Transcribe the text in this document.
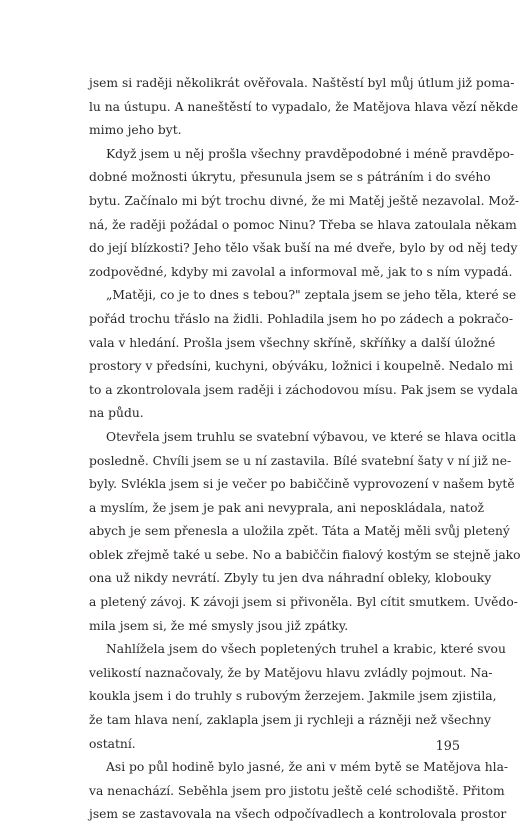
jsem si raději několikrát ověřovala. Naštěstí byl můj útlum již poma-
lu na ústupu. A naneštěstí to vypadalo, že Matějova hlava vězí někde
mimo jeho byt.
Když jsem u něj prošla všechny pravděpodobné i méně pravděpo-
dobné možnosti úkrytu, přesunula jsem se s pátráním i do svého
bytu. Začínalo mi být trochu divné, že mi Matěj ještě nezavolal. Mož-
ná, že raději požádal o pomoc Ninu? Třeba se hlava zatoulala někam
do její blízkosti? Jeho tělo však buší na mé dveře, bylo by od něj tedy
zodpovědné, kdyby mi zavolal a informoval mě, jak to s ním vypadá.
„Matěji, co je to dnes s tebou?" zeptala jsem se jeho těla, které se
pořád trochu třáslo na židli. Pohladila jsem ho po zádech a pokračo-
vala v hledání. Prošla jsem všechny skříně, skříňky a další úložné
prostory v předsíni, kuchyni, obýváku, ložnici i koupelně. Nedalo mi
to a zkontrolovala jsem raději i záchodovou mísu. Pak jsem se vydala
na půdu.
Otevřela jsem truhlu se svatební výbavou, ve které se hlava ocitla
posledně. Chvíli jsem se u ní zastavila. Bílé svatební šaty v ní již ne-
byly. Svlékla jsem si je večer po babiččině vyprovození v našem bytě
a myslím, že jsem je pak ani nevyprala, ani neposkládala, natož
abych je sem přenesla a uložila zpět. Táta a Matěj měli svůj pletený
oblek zřejmě také u sebe. No a babiččin fialový kostým se stejně jako
ona už nikdy nevrátí. Zbyly tu jen dva náhradní obleky, klobouky
a pletený závoj. K závoji jsem si přivoněla. Byl cítit smutkem. Uvědo-
mila jsem si, že mé smysly jsou již zpátky.
Nahlížela jsem do všech popletených truhel a krabic, které svou
velikostí naznačovaly, že by Matějovu hlavu zvládly pojmout. Na-
koukla jsem i do truhly s rubovým žerzejem. Jakmile jsem zjistila,
že tam hlava není, zaklapla jsem ji rychleji a rázněji než všechny
ostatní.
Asi po půl hodině bylo jasné, že ani v mém bytě se Matějova hla-
va nenachází. Seběhla jsem pro jistotu ještě celé schodiště. Přitom
jsem se zastavovala na všech odpočívadlech a kontrolovala prostor
195
